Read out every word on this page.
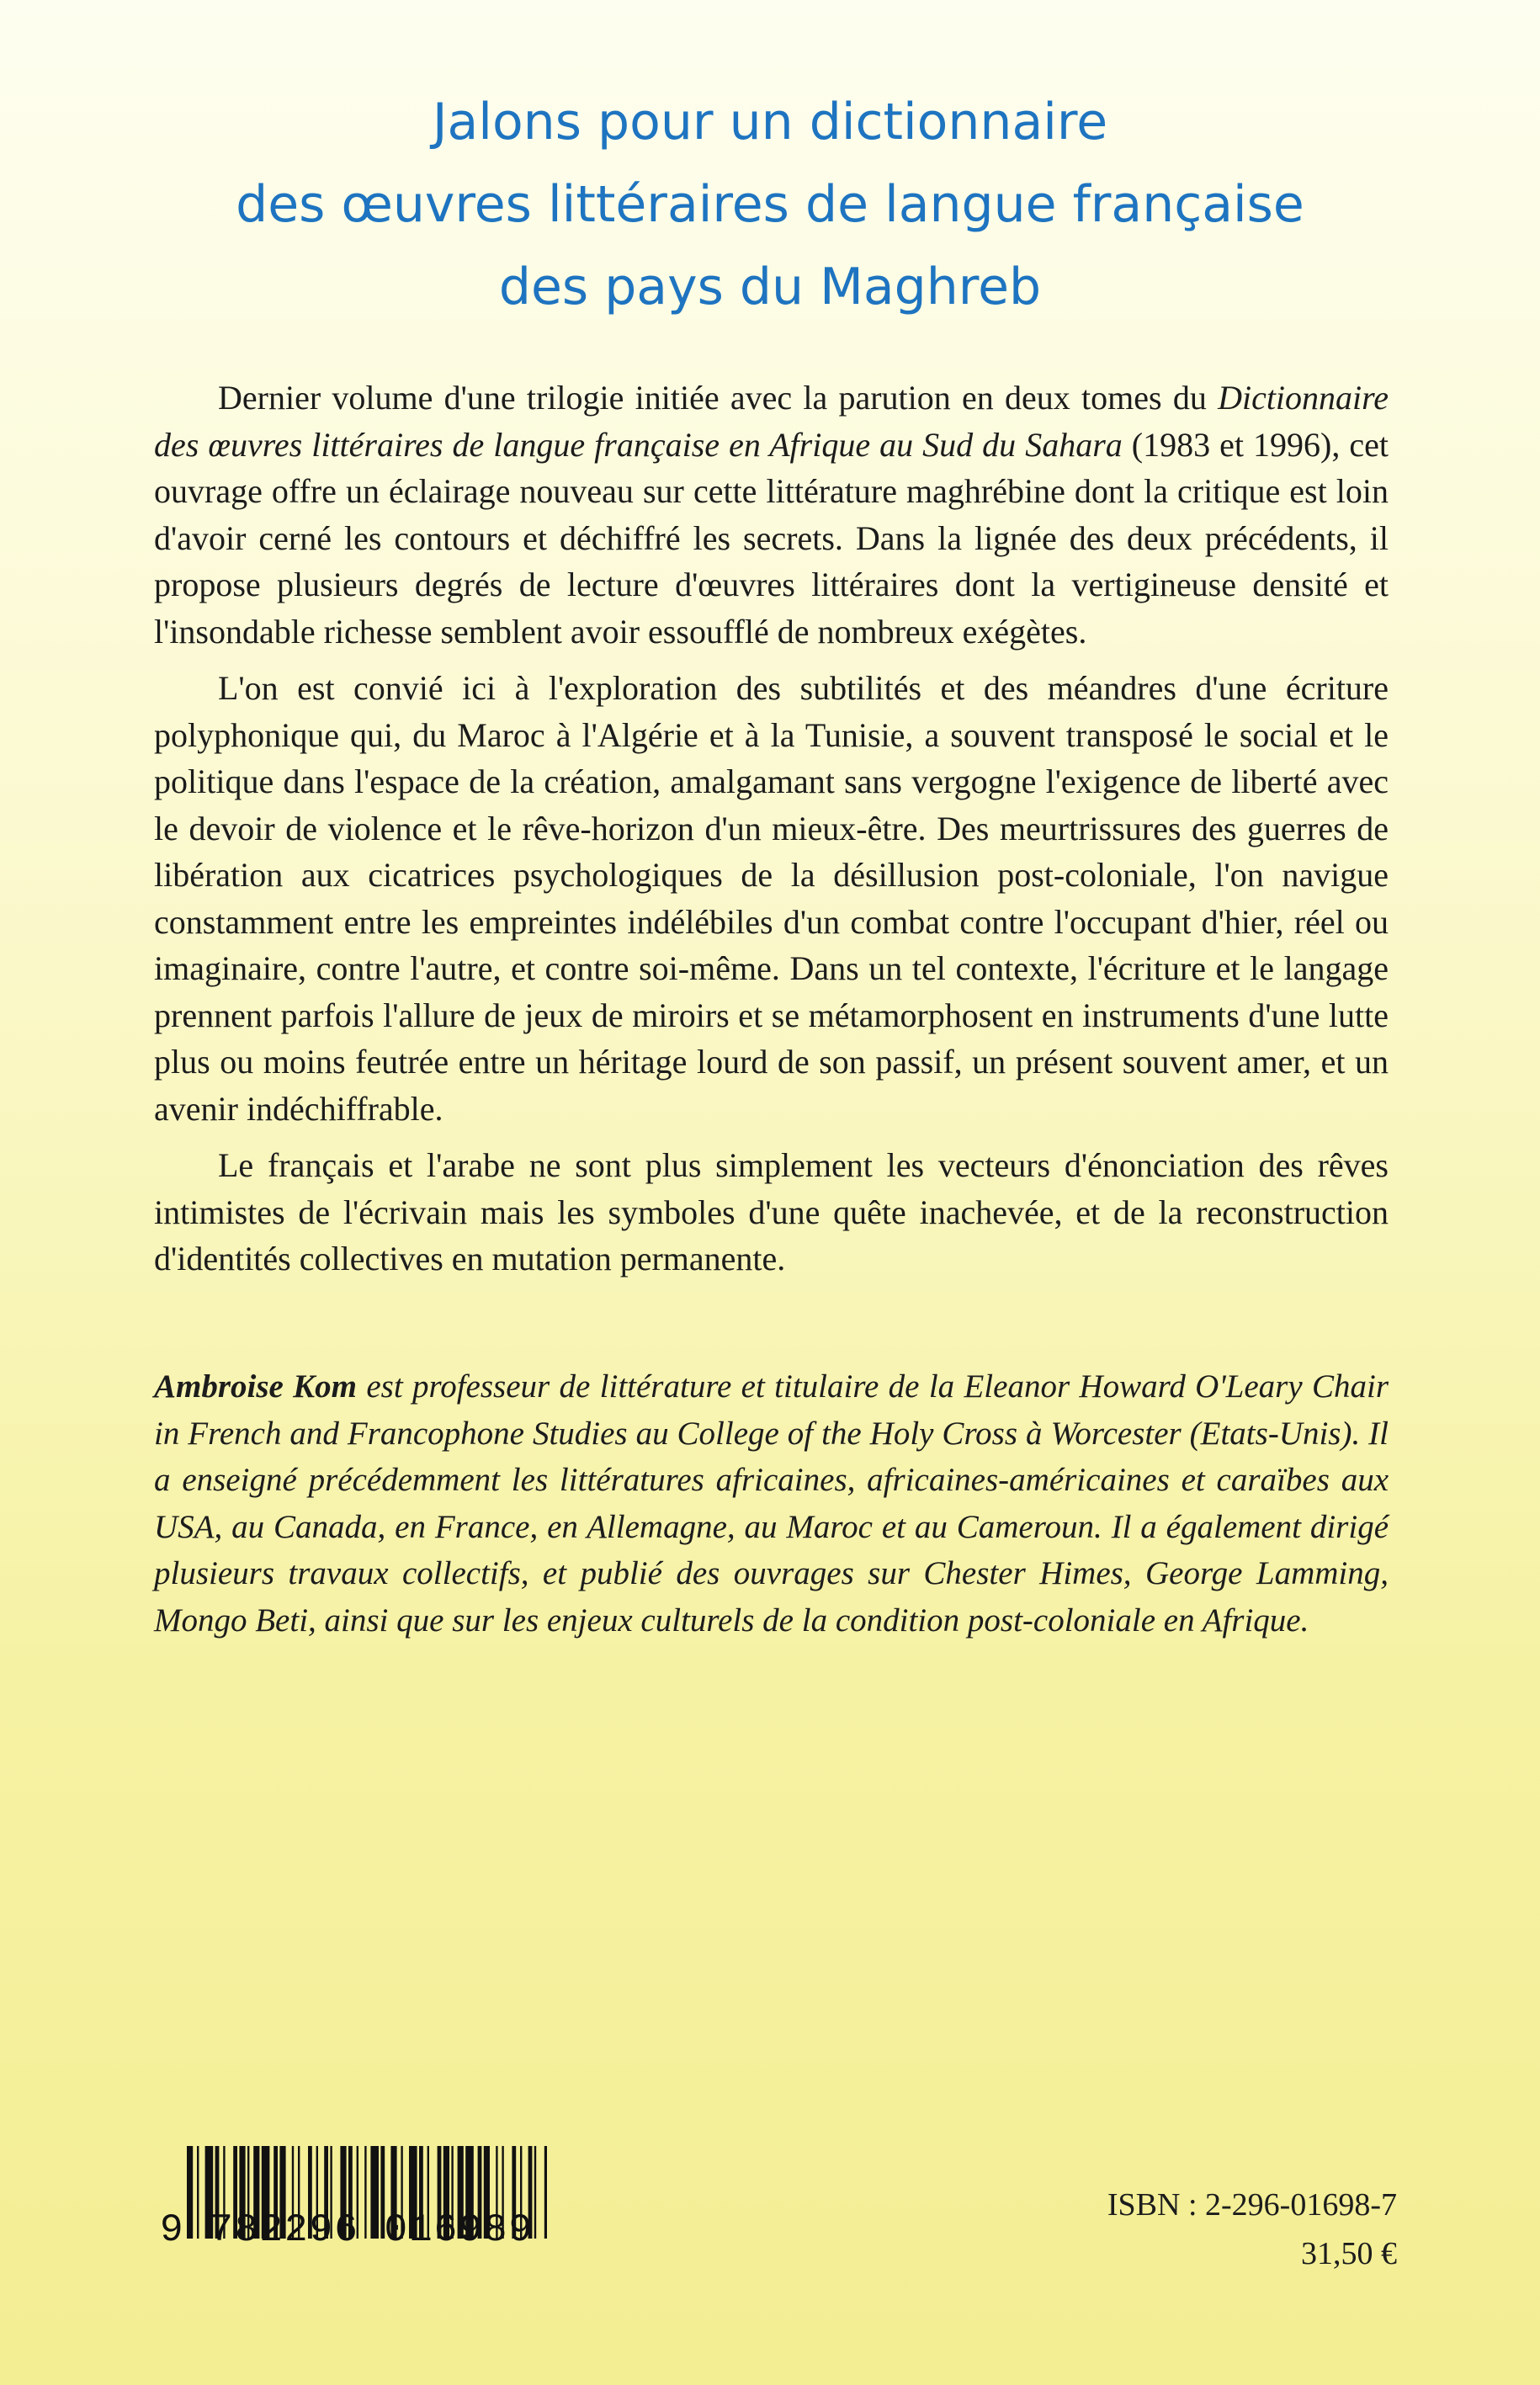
Jalons pour un dictionnaire
des œuvres littéraires de langue française
des pays du Maghreb

Dernier volume d'une trilogie initiée avec la parution en deux tomes du Dictionnaire des œuvres littéraires de langue française en Afrique au Sud du Sahara (1983 et 1996), cet ouvrage offre un éclairage nouveau sur cette littérature maghrébine dont la critique est loin d'avoir cerné les contours et déchiffré les secrets. Dans la lignée des deux précédents, il propose plusieurs degrés de lecture d'œuvres littéraires dont la vertigineuse densité et l'insondable richesse semblent avoir essoufflé de nombreux exégètes.

L'on est convié ici à l'exploration des subtilités et des méandres d'une écriture polyphonique qui, du Maroc à l'Algérie et à la Tunisie, a souvent transposé le social et le politique dans l'espace de la création, amalgamant sans vergogne l'exigence de liberté avec le devoir de violence et le rêve-horizon d'un mieux-être. Des meurtrissures des guerres de libération aux cicatrices psychologiques de la désillusion post-coloniale, l'on navigue constamment entre les empreintes indélébiles d'un combat contre l'occupant d'hier, réel ou imaginaire, contre l'autre, et contre soi-même. Dans un tel contexte, l'écriture et le langage prennent parfois l'allure de jeux de miroirs et se métamorphosent en instruments d'une lutte plus ou moins feutrée entre un héritage lourd de son passif, un présent souvent amer, et un avenir indéchiffrable.

Le français et l'arabe ne sont plus simplement les vecteurs d'énonciation des rêves intimistes de l'écrivain mais les symboles d'une quête inachevée, et de la reconstruction d'identités collectives en mutation permanente.

Ambroise Kom est professeur de littérature et titulaire de la Eleanor Howard O'Leary Chair in French and Francophone Studies au College of the Holy Cross à Worcester (Etats-Unis). Il a enseigné précédemment les littératures africaines, africaines-américaines et caraïbes aux USA, au Canada, en France, en Allemagne, au Maroc et au Cameroun. Il a également dirigé plusieurs travaux collectifs, et publié des ouvrages sur Chester Himes, George Lamming, Mongo Beti, ainsi que sur les enjeux culturels de la condition post-coloniale en Afrique.
9 782296 016989
ISBN : 2-296-01698-7
31,50 €
